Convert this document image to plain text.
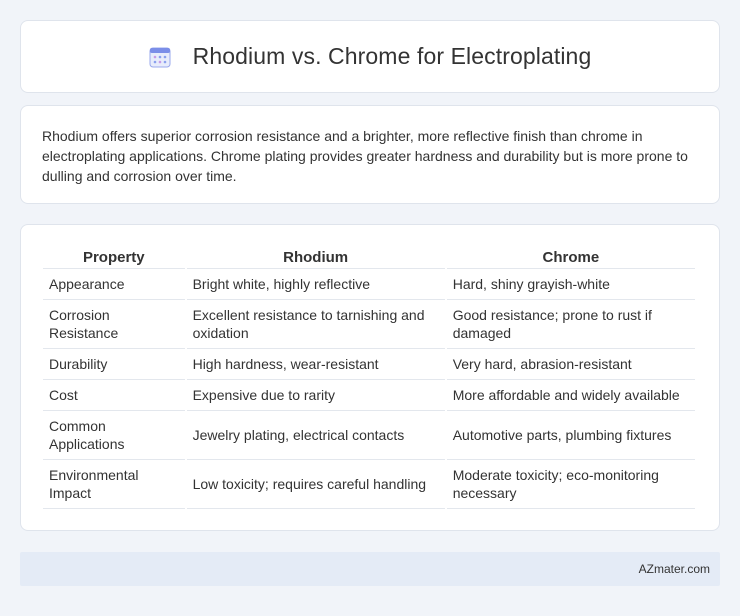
Rhodium vs. Chrome for Electroplating

Rhodium offers superior corrosion resistance and a brighter, more reflective finish than chrome in electroplating applications. Chrome plating provides greater hardness and durability but is more prone to dulling and corrosion over time.

Property	Rhodium	Chrome
Appearance	Bright white, highly reflective	Hard, shiny grayish-white
Corrosion Resistance	Excellent resistance to tarnishing and oxidation	Good resistance; prone to rust if damaged
Durability	High hardness, wear-resistant	Very hard, abrasion-resistant
Cost	Expensive due to rarity	More affordable and widely available
Common Applications	Jewelry plating, electrical contacts	Automotive parts, plumbing fixtures
Environmental Impact	Low toxicity; requires careful handling	Moderate toxicity; eco-monitoring necessary
AZmater.com
